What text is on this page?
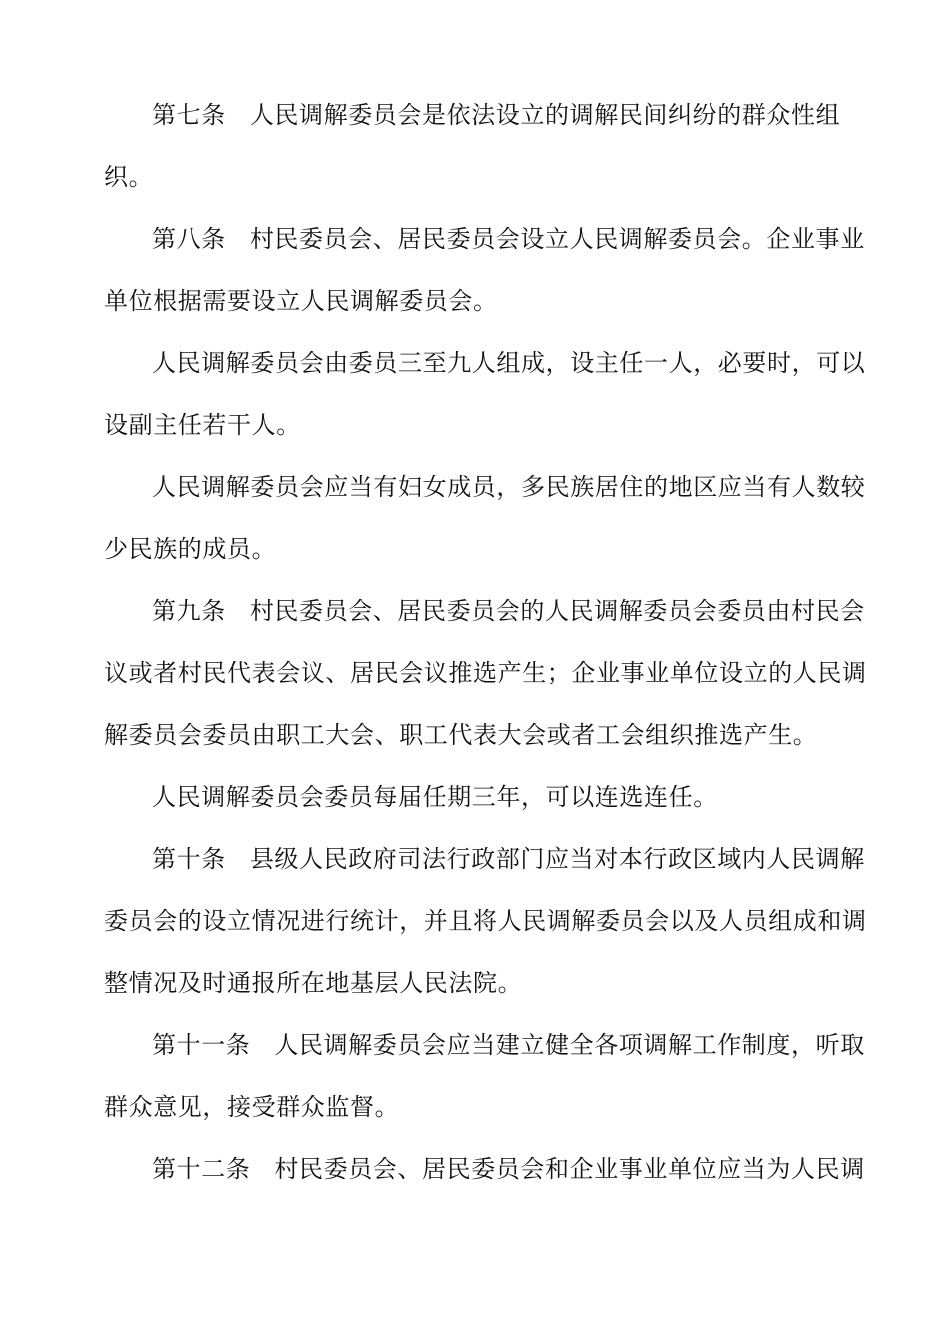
第七条 人民调解委员会是依法设立的调解民间纠纷的群众性组织。

第八条 村民委员会、居民委员会设立人民调解委员会。企业事业单位根据需要设立人民调解委员会。

人民调解委员会由委员三至九人组成，设主任一人，必要时，可以设副主任若干人。

人民调解委员会应当有妇女成员，多民族居住的地区应当有人数较少民族的成员。

第九条 村民委员会、居民委员会的人民调解委员会委员由村民会议或者村民代表会议、居民会议推选产生；企业事业单位设立的人民调解委员会委员由职工大会、职工代表大会或者工会组织推选产生。

人民调解委员会委员每届任期三年，可以连选连任。

第十条 县级人民政府司法行政部门应当对本行政区域内人民调解委员会的设立情况进行统计，并且将人民调解委员会以及人员组成和调整情况及时通报所在地基层人民法院。

第十一条 人民调解委员会应当建立健全各项调解工作制度，听取群众意见，接受群众监督。

第十二条 村民委员会、居民委员会和企业事业单位应当为人民调
